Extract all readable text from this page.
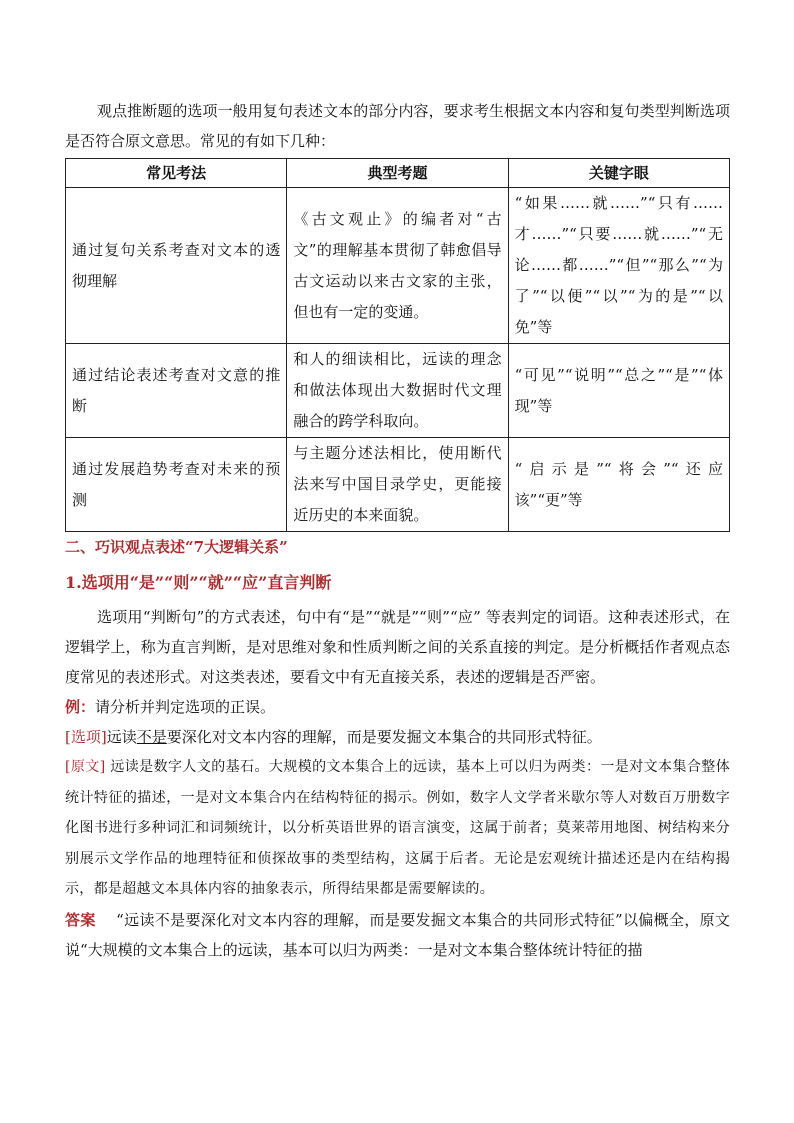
观点推断题的选项一般用复句表述文本的部分内容，要求考生根据文本内容和复句类型判断选项是否符合原文意思。常见的有如下几种：

常见考法	典型考题	关键字眼
通过复句关系考查对文本的透彻理解	《古文观止》的编者对“古文”的理解基本贯彻了韩愈倡导古文运动以来古文家的主张，但也有一定的变通。	“如果……就……”“只有……才……”“只要……就……”“无论……都……”“但”“那么”“为了”“以便”“以”“为的是”“以免”等
通过结论表述考查对文意的推断	和人的细读相比，远读的理念和做法体现出大数据时代文理融合的跨学科取向。	“可见”“说明”“总之”“是”“体现”等
通过发展趋势考查对未来的预测	与主题分述法相比，使用断代法来写中国目录学史，更能接近历史的本来面貌。	“启示是”“将会”“还应该”“更”等

二、巧识观点表述“7大逻辑关系”

1.选项用“是”“则”“就”“应”直言判断

选项用“判断句”的方式表述，句中有“是”“就是”“则”“应” 等表判定的词语。这种表述形式，在逻辑学上，称为直言判断，是对思维对象和性质判断之间的关系直接的判定。是分析概括作者观点态度常见的表述形式。对这类表述，要看文中有无直接关系，表述的逻辑是否严密。

例：请分析并判定选项的正误。

[选项]远读不是要深化对文本内容的理解，而是要发掘文本集合的共同形式特征。

[原文] 远读是数字人文的基石。大规模的文本集合上的远读，基本上可以归为两类：一是对文本集合整体统计特征的描述，一是对文本集合内在结构特征的揭示。例如，数字人文学者米歇尔等人对数百万册数字化图书进行多种词汇和词频统计，以分析英语世界的语言演变，这属于前者；莫莱蒂用地图、树结构来分别展示文学作品的地理特征和侦探故事的类型结构，这属于后者。无论是宏观统计描述还是内在结构揭示，都是超越文本具体内容的抽象表示，所得结果都是需要解读的。

答案 “远读不是要深化对文本内容的理解，而是要发掘文本集合的共同形式特征”以偏概全，原文说“大规模的文本集合上的远读，基本可以归为两类：一是对文本集合整体统计特征的描
